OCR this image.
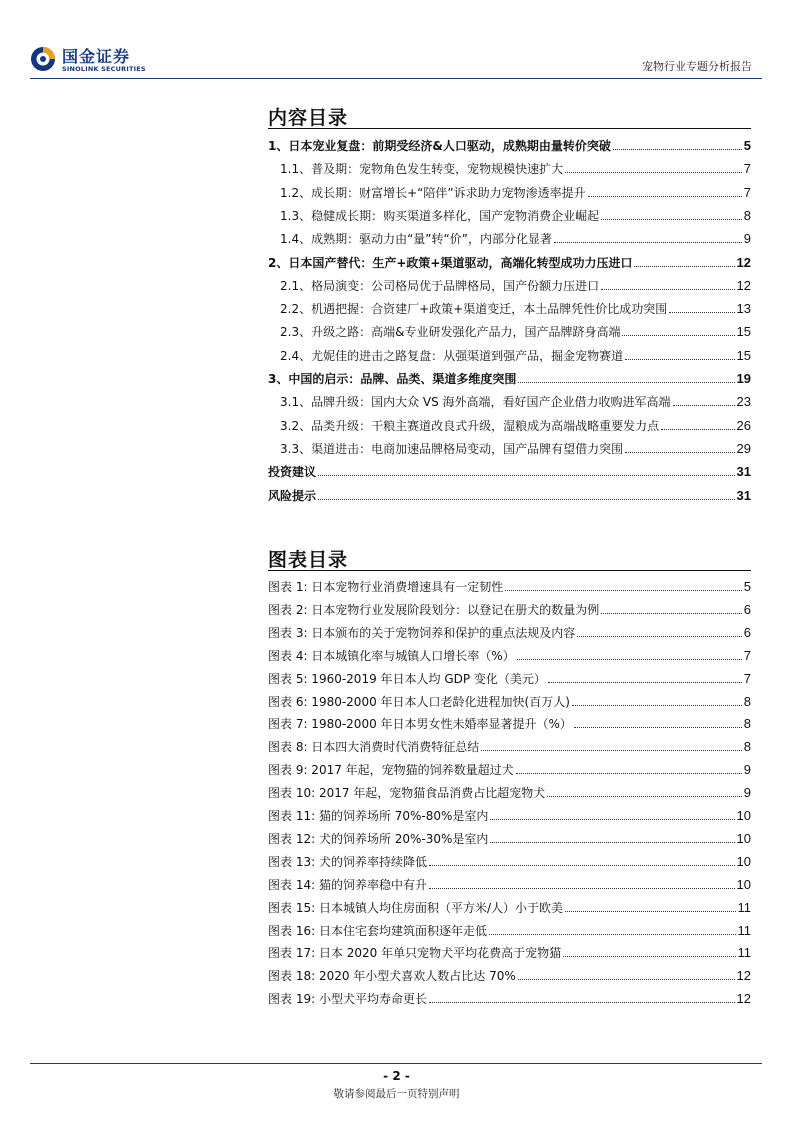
国金证券
SINOLINK SECURITIES	宠物行业专题分析报告
内容目录
1、日本宠业复盘：前期受经济&人口驱动，成熟期由量转价突破	5
1.1、普及期：宠物角色发生转变，宠物规模快速扩大	7
1.2、成长期：财富增长+“陪伴”诉求助力宠物渗透率提升	7
1.3、稳健成长期：购买渠道多样化，国产宠物消费企业崛起	8
1.4、成熟期：驱动力由“量”转“价”，内部分化显著	9
2、日本国产替代：生产+政策+渠道驱动，高端化转型成功力压进口	12
2.1、格局演变：公司格局优于品牌格局，国产份额力压进口	12
2.2、机遇把握：合资建厂+政策+渠道变迁，本土品牌凭性价比成功突围	13
2.3、升级之路：高端&专业研发强化产品力，国产品牌跻身高端	15
2.4、尤妮佳的进击之路复盘：从强渠道到强产品，掘金宠物赛道	15
3、中国的启示：品牌、品类、渠道多维度突围	19
3.1、品牌升级：国内大众 VS 海外高端，看好国产企业借力收购进军高端	23
3.2、品类升级：干粮主赛道改良式升级，湿粮成为高端战略重要发力点	26
3.3、渠道进击：电商加速品牌格局变动，国产品牌有望借力突围	29
投资建议	31
风险提示	31
图表目录
图表 1: 日本宠物行业消费增速具有一定韧性	5
图表 2: 日本宠物行业发展阶段划分：以登记在册犬的数量为例	6
图表 3: 日本颁布的关于宠物饲养和保护的重点法规及内容	6
图表 4: 日本城镇化率与城镇人口增长率（%）	7
图表 5: 1960-2019 年日本人均 GDP 变化（美元）	7
图表 6: 1980-2000 年日本人口老龄化进程加快(百万人)	8
图表 7: 1980-2000 年日本男女性未婚率显著提升（%）	8
图表 8: 日本四大消费时代消费特征总结	8
图表 9: 2017 年起，宠物猫的饲养数量超过犬	9
图表 10: 2017 年起，宠物猫食品消费占比超宠物犬	9
图表 11: 猫的饲养场所 70%-80%是室内	10
图表 12: 犬的饲养场所 20%-30%是室内	10
图表 13: 犬的饲养率持续降低	10
图表 14: 猫的饲养率稳中有升	10
图表 15: 日本城镇人均住房面积（平方米/人）小于欧美	11
图表 16: 日本住宅套均建筑面积逐年走低	11
图表 17: 日本 2020 年单只宠物犬平均花费高于宠物猫	11
图表 18: 2020 年小型犬喜欢人数占比达 70%	12
图表 19: 小型犬平均寿命更长	12
- 2 -
敬请参阅最后一页特别声明
